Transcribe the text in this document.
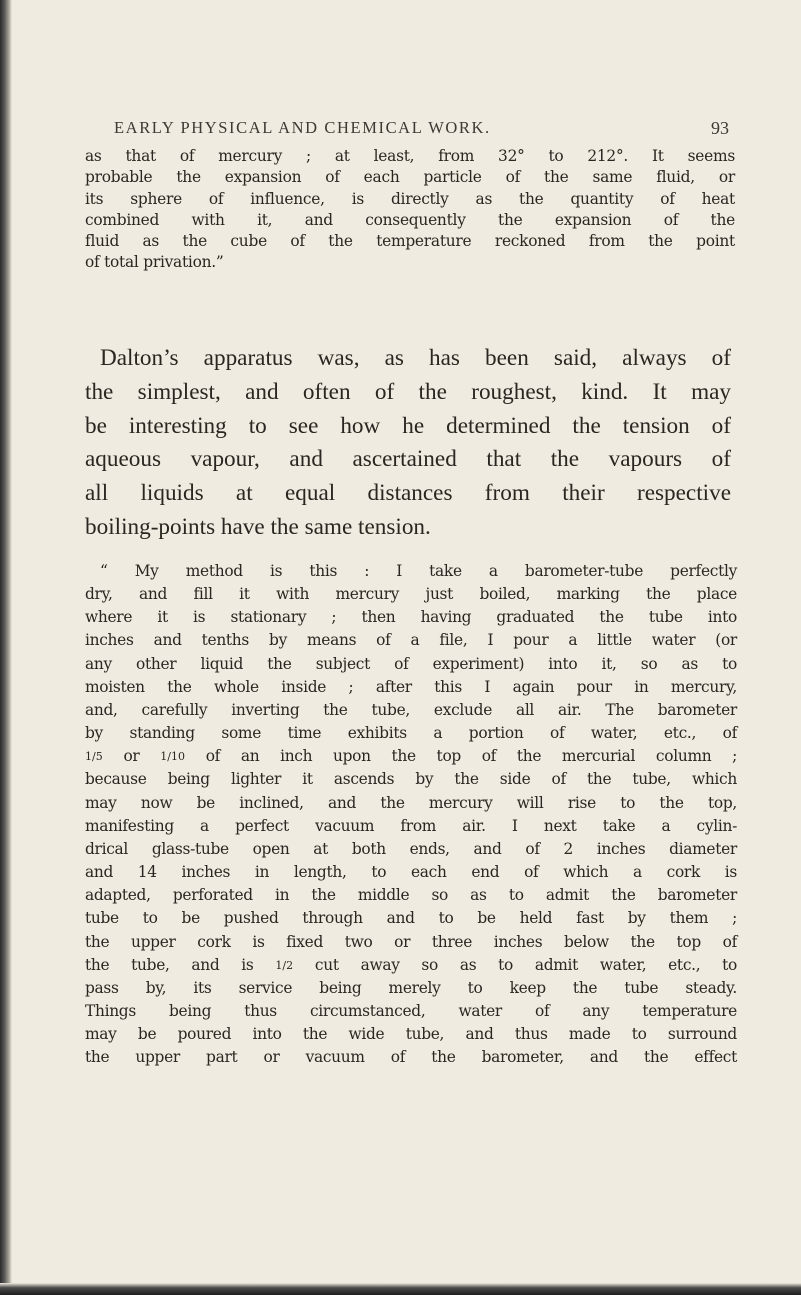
EARLY PHYSICAL AND CHEMICAL WORK.	93
as that of mercury ; at least, from 32° to 212°. It seems
probable the expansion of each particle of the same fluid, or
its sphere of influence, is directly as the quantity of heat
combined with it, and consequently the expansion of the
fluid as the cube of the temperature reckoned from the point
of total privation.”
Dalton’s apparatus was, as has been said, always of
the simplest, and often of the roughest, kind. It may
be interesting to see how he determined the tension of
aqueous vapour, and ascertained that the vapours of
all liquids at equal distances from their respective
boiling-points have the same tension.
“ My method is this : I take a barometer-tube perfectly
dry, and fill it with mercury just boiled, marking the place
where it is stationary ; then having graduated the tube into
inches and tenths by means of a file, I pour a little water (or
any other liquid the subject of experiment) into it, so as to
moisten the whole inside ; after this I again pour in mercury,
and, carefully inverting the tube, exclude all air. The barometer
by standing some time exhibits a portion of water, etc., of
1/5 or 1/10 of an inch upon the top of the mercurial column ;
because being lighter it ascends by the side of the tube, which
may now be inclined, and the mercury will rise to the top,
manifesting a perfect vacuum from air. I next take a cylin-
drical glass-tube open at both ends, and of 2 inches diameter
and 14 inches in length, to each end of which a cork is
adapted, perforated in the middle so as to admit the barometer
tube to be pushed through and to be held fast by them ;
the upper cork is fixed two or three inches below the top of
the tube, and is 1/2 cut away so as to admit water, etc., to
pass by, its service being merely to keep the tube steady.
Things being thus circumstanced, water of any temperature
may be poured into the wide tube, and thus made to surround
the upper part or vacuum of the barometer, and the effect
